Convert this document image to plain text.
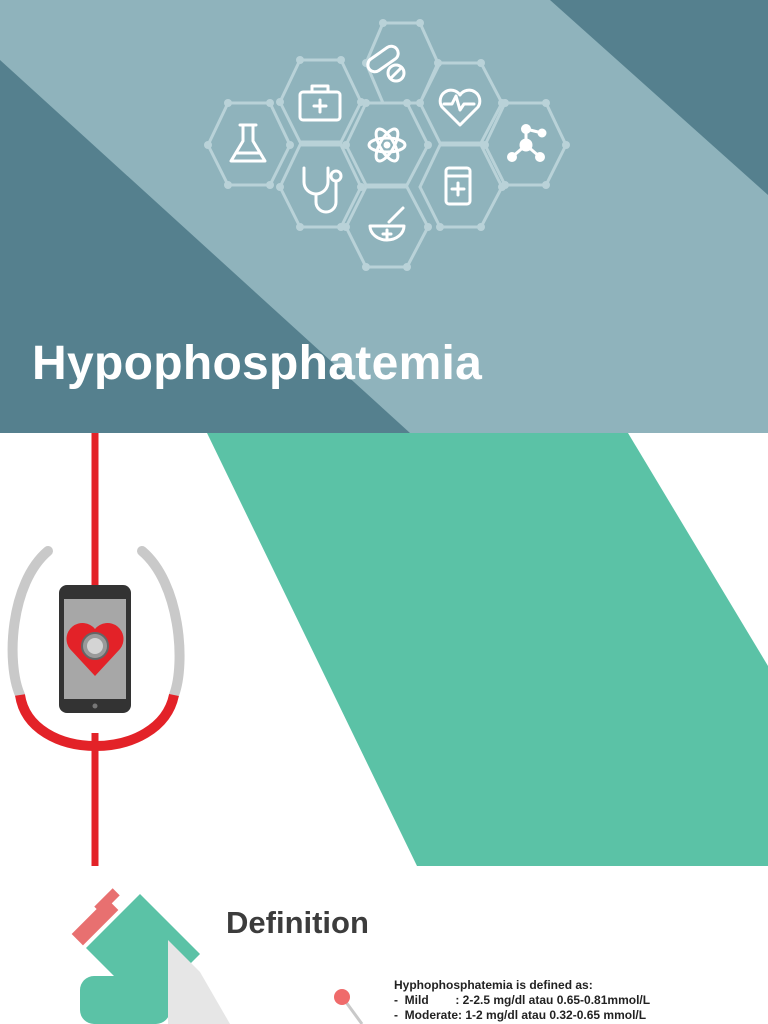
Hypophosphatemia
Definition
Hyphophosphatemia is defined as:
-  Mild        : 2-2.5 mg/dl atau 0.65-0.81mmol/L
-  Moderate: 1-2 mg/dl atau 0.32-0.65 mmol/L
